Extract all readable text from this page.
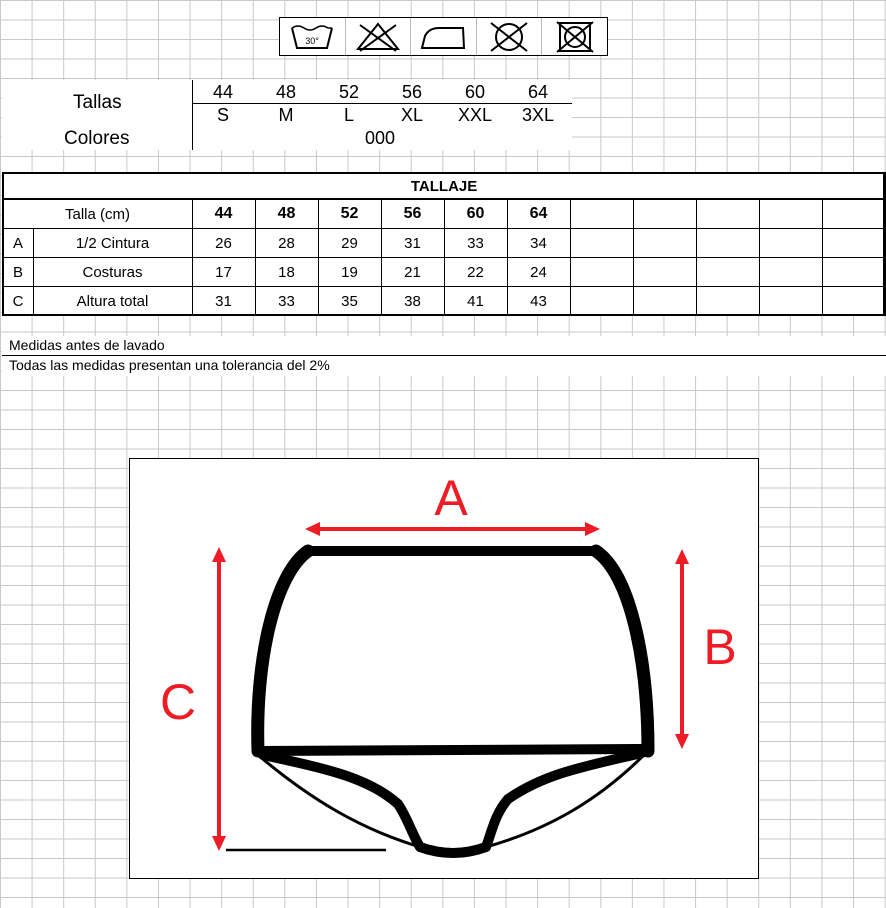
30°
Tallas
Colores
44	48	52	56	60	64
S	M	L	XL	XXL	3XL
000
TALLAJE												
Talla (cm)		44	48	52	56	60	64					
A	1/2 Cintura	26	28	29	31	33	34					
B	Costuras	17	18	19	21	22	24					
C	Altura total	31	33	35	38	41	43					
Medidas antes de lavado
Todas las medidas presentan una tolerancia del 2%
A
B
C
